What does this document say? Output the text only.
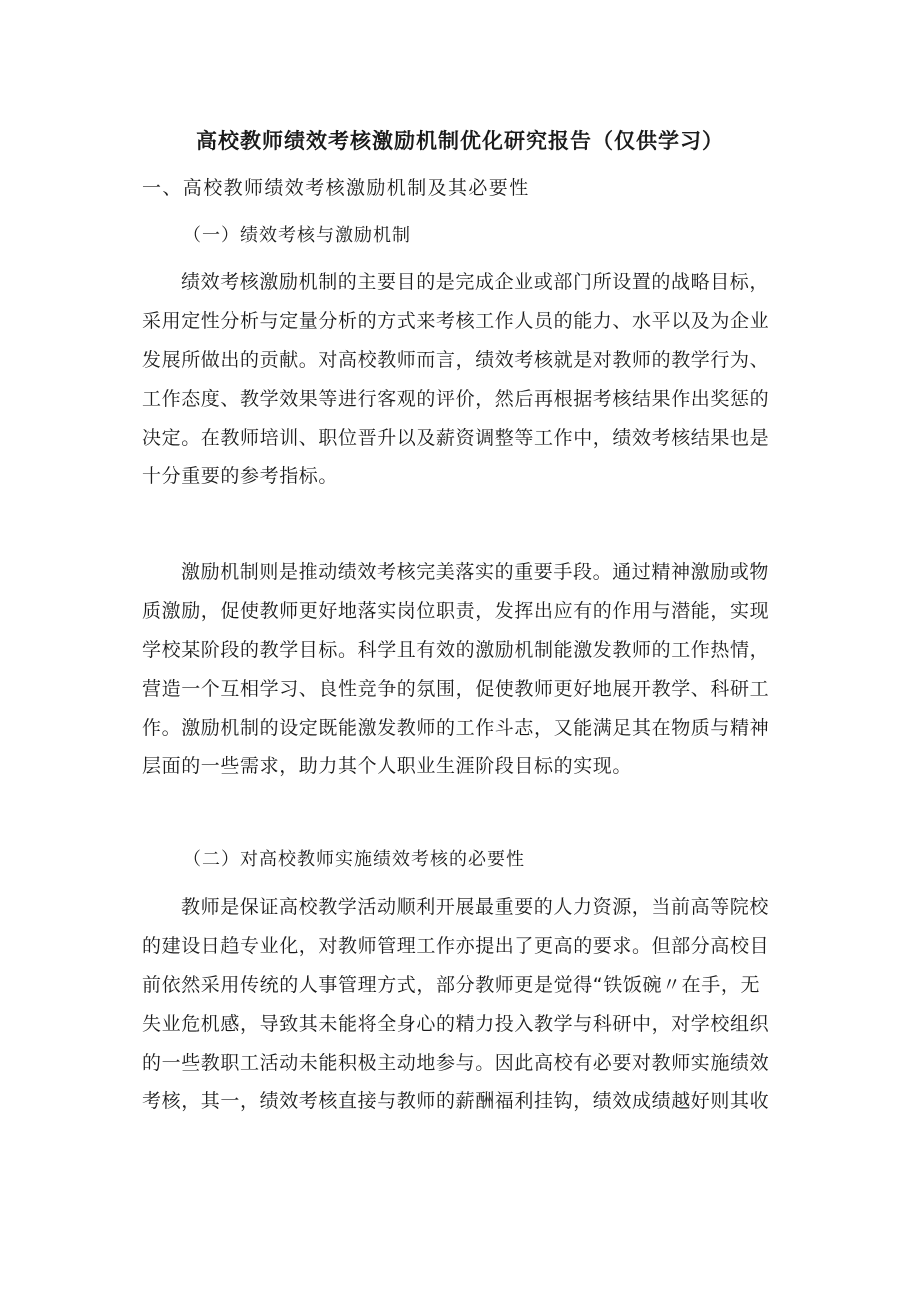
高校教师绩效考核激励机制优化研究报告（仅供学习）
一、高校教师绩效考核激励机制及其必要性
（一）绩效考核与激励机制
绩效考核激励机制的主要目的是完成企业或部门所设置的战略目标，
采用定性分析与定量分析的方式来考核工作人员的能力、水平以及为企业
发展所做出的贡献。对高校教师而言，绩效考核就是对教师的教学行为、
工作态度、教学效果等进行客观的评价，然后再根据考核结果作出奖惩的
决定。在教师培训、职位晋升以及薪资调整等工作中，绩效考核结果也是
十分重要的参考指标。
激励机制则是推动绩效考核完美落实的重要手段。通过精神激励或物
质激励，促使教师更好地落实岗位职责，发挥出应有的作用与潜能，实现
学校某阶段的教学目标。科学且有效的激励机制能激发教师的工作热情，
营造一个互相学习、良性竞争的氛围，促使教师更好地展开教学、科研工
作。激励机制的设定既能激发教师的工作斗志，又能满足其在物质与精神
层面的一些需求，助力其个人职业生涯阶段目标的实现。
（二）对高校教师实施绩效考核的必要性
教师是保证高校教学活动顺利开展最重要的人力资源，当前高等院校
的建设日趋专业化，对教师管理工作亦提出了更高的要求。但部分高校目
前依然采用传统的人事管理方式，部分教师更是觉得“铁饭碗〃在手，无
失业危机感，导致其未能将全身心的精力投入教学与科研中，对学校组织
的一些教职工活动未能积极主动地参与。因此高校有必要对教师实施绩效
考核，其一，绩效考核直接与教师的薪酬福利挂钩，绩效成绩越好则其收
